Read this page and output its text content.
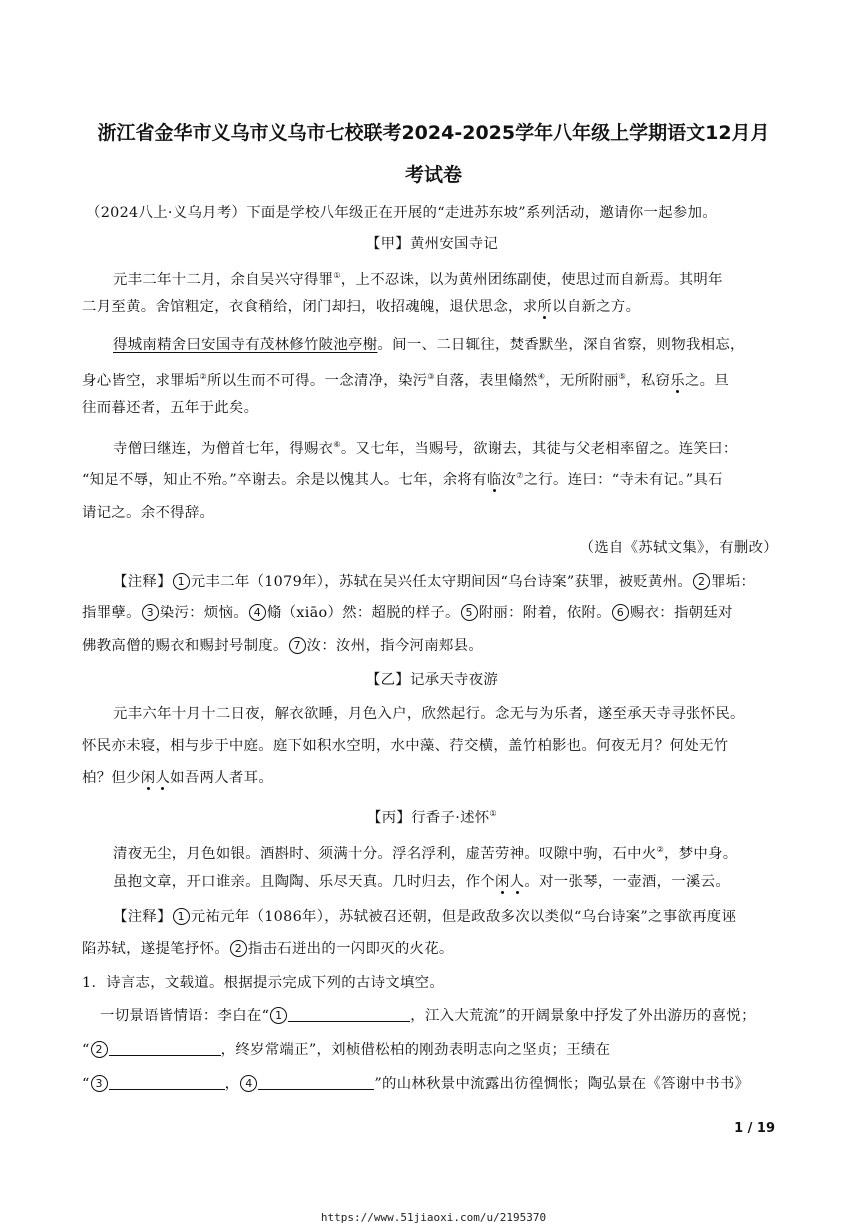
浙江省金华市义乌市义乌市七校联考2024-2025学年八年级上学期语文12月月
考试卷
（2024八上·义乌月考）下面是学校八年级正在开展的“走进苏东坡”系列活动，邀请你一起参加。
【甲】黄州安国寺记
元丰二年十二月，余自吴兴守得罪①，上不忍诛，以为黄州团练副使，使思过而自新焉。其明年
二月至黄。舍馆粗定，衣食稍给，闭门却扫，收招魂魄，退伏思念，求所以自新之方。
得城南精舍曰安国寺有茂林修竹陂池亭榭。间一、二日辄往，焚香默坐，深自省察，则物我相忘，
身心皆空，求罪垢②所以生而不可得。一念清净，染污③自落，表里翛然④，无所附丽⑤，私窃乐之。旦
往而暮还者，五年于此矣。
寺僧曰继连，为僧首七年，得赐衣⑥。又七年，当赐号，欲谢去，其徒与父老相率留之。连笑曰：
“知足不辱，知止不殆。”卒谢去。余是以愧其人。七年，余将有临汝⑦之行。连曰：“寺未有记。”具石
请记之。余不得辞。
（选自《苏轼文集》，有删改）
【注释】 1 元丰二年（1079年），苏轼在吴兴任太守期间因“乌台诗案”获罪，被贬黄州。 2 罪垢：
指罪孽。 3 染污：烦恼。 4 翛（xiāo）然：超脱的样子。 5 附丽：附着，依附。 6 赐衣：指朝廷对
佛教高僧的赐衣和赐封号制度。 7 汝：汝州，指今河南郏县。
【乙】记承天寺夜游
元丰六年十月十二日夜，解衣欲睡，月色入户，欣然起行。念无与为乐者，遂至承天寺寻张怀民。
怀民亦未寝，相与步于中庭。庭下如积水空明，水中藻、荇交横，盖竹柏影也。何夜无月？何处无竹
柏？但少闲人如吾两人者耳。
【丙】行香子·述怀①
清夜无尘，月色如银。酒斟时、须满十分。浮名浮利，虚苦劳神。叹隙中驹，石中火②，梦中身。
虽抱文章，开口谁亲。且陶陶、乐尽天真。几时归去，作个闲人。对一张琴，一壶酒，一溪云。
【注释】 1 元祐元年（1086年），苏轼被召还朝，但是政敌多次以类似“乌台诗案”之事欲再度诬
陷苏轼，遂提笔抒怀。 2 指击石迸出的一闪即灭的火花。
1．诗言志，文载道。根据提示完成下列的古诗文填空。
一切景语皆情语：李白在“ 1	，江入大荒流”的开阔景象中抒发了外出游历的喜悦；
“ 2	，终岁常端正”，刘桢借松柏的刚劲表明志向之坚贞；王绩在
“ 3	， 4	”的山林秋景中流露出彷徨惆怅；陶弘景在《答谢中书书》
1 / 19
https://www.51jiaoxi.com/u/2195370
